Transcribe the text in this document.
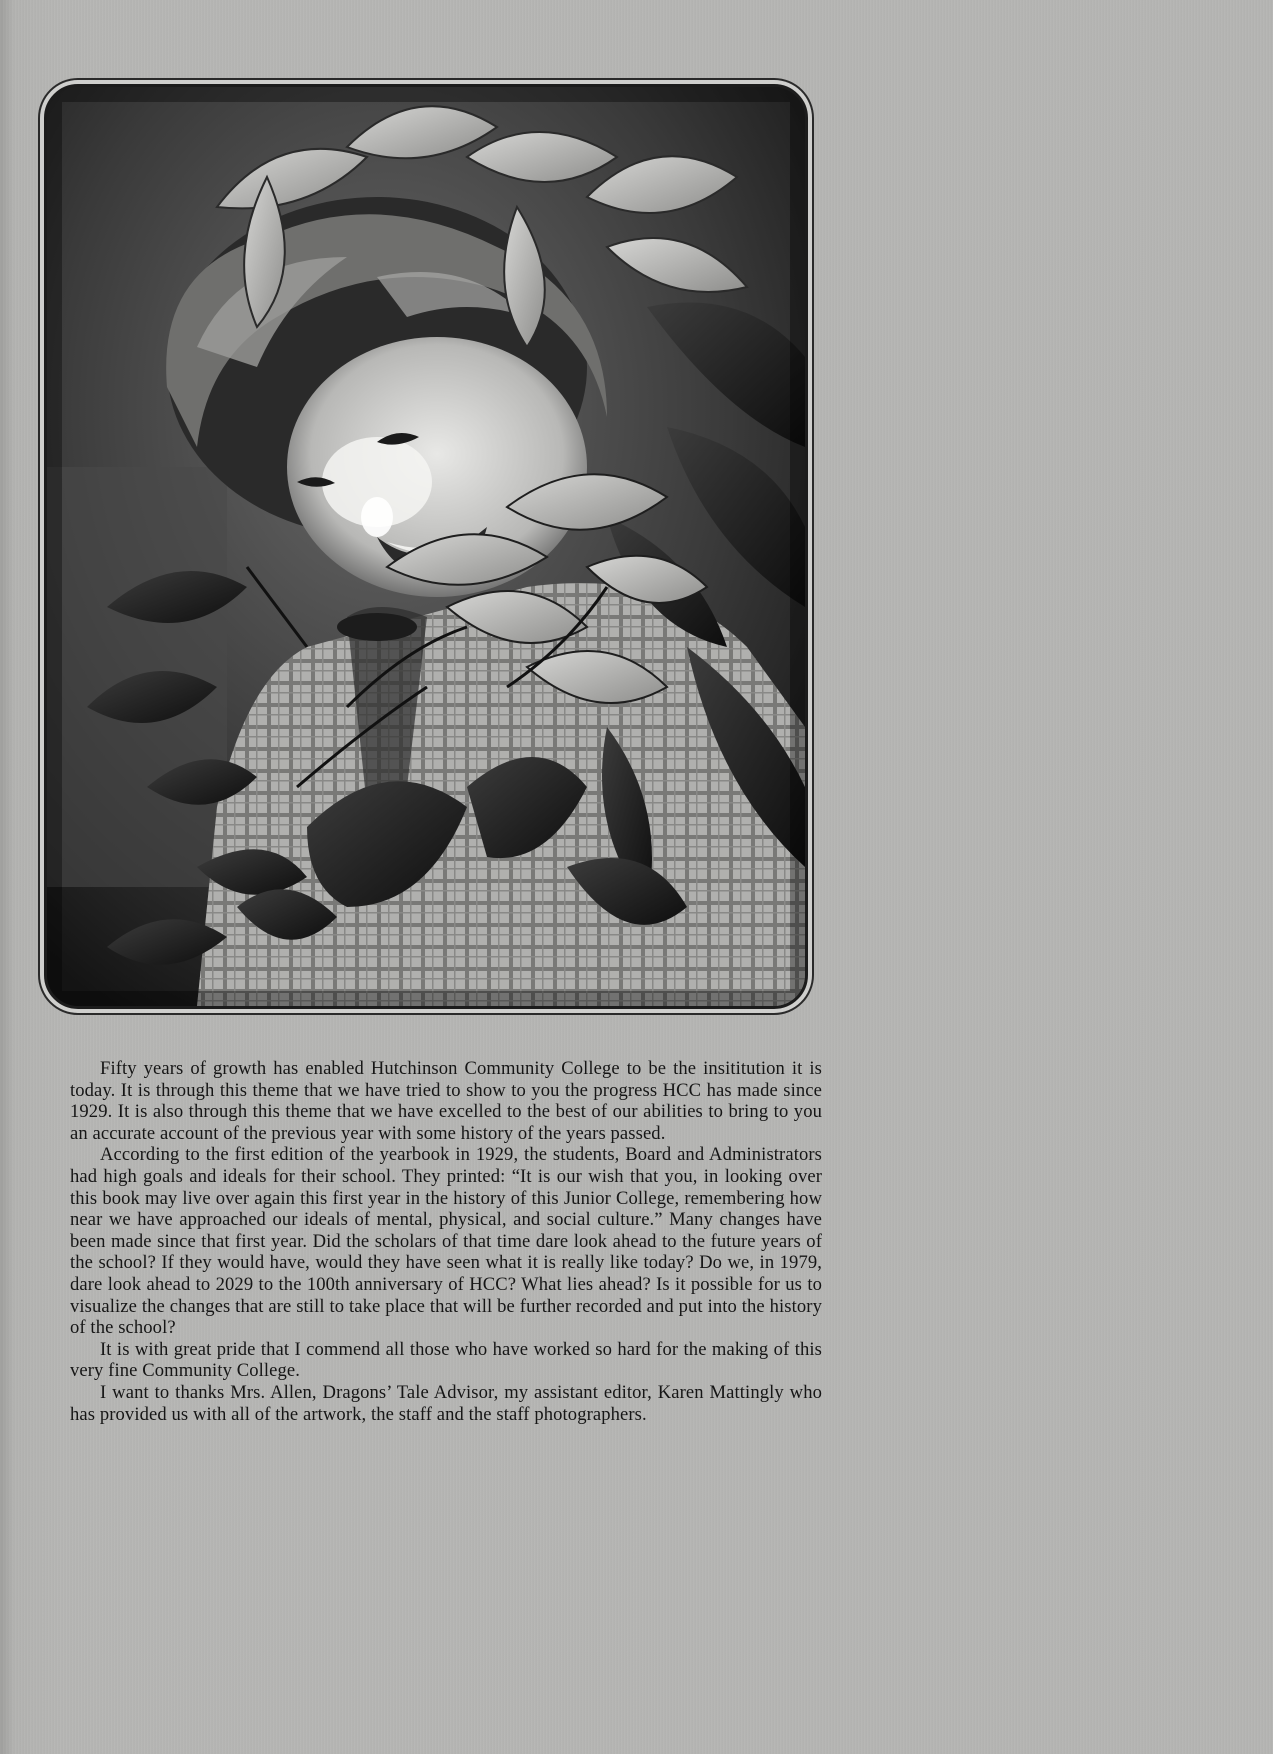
Fifty years of growth has enabled Hutchinson Community College to be the insititution it is today. It is through this theme that we have tried to show to you the progress HCC has made since 1929. It is also through this theme that we have excelled to the best of our abilities to bring to you an accurate account of the previous year with some history of the years passed.

According to the first edition of the yearbook in 1929, the students, Board and Administrators had high goals and ideals for their school. They printed: “It is our wish that you, in looking over this book may live over again this first year in the history of this Junior College, remembering how near we have approached our ideals of mental, physical, and social culture.” Many changes have been made since that first year. Did the scholars of that time dare look ahead to the future years of the school? If they would have, would they have seen what it is really like today? Do we, in 1979, dare look ahead to 2029 to the 100th anniversary of HCC? What lies ahead? Is it possible for us to visualize the changes that are still to take place that will be further recorded and put into the history of the school?

It is with great pride that I commend all those who have worked so hard for the making of this very fine Community College.

I want to thanks Mrs. Allen, Dragons’ Tale Advisor, my assistant editor, Karen Mattingly who has provided us with all of the artwork, the staff and the staff photographers.
